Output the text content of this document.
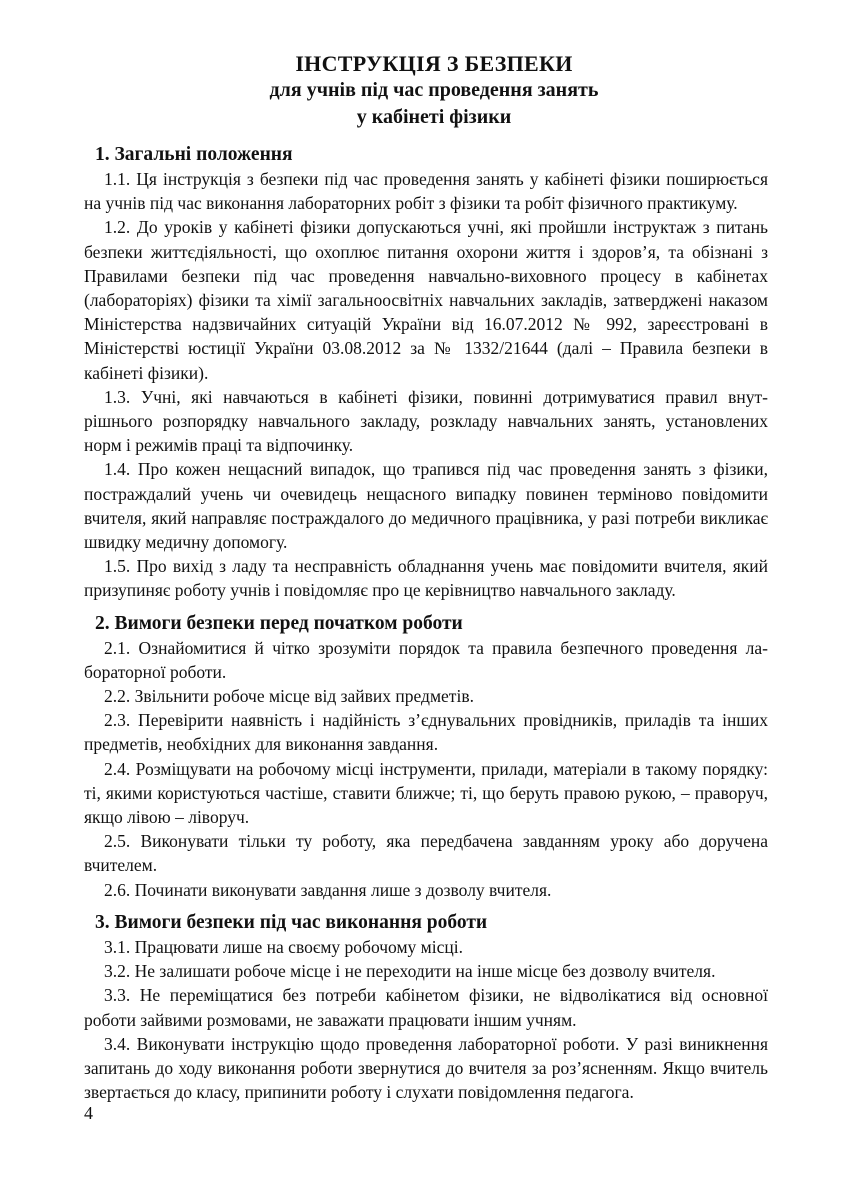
ІНСТРУКЦІЯ З БЕЗПЕКИ
для учнів під час проведення занять
у кабінеті фізики
1. Загальні положення

1.1. Ця інструкція з безпеки під час проведення занять у кабінеті фізики поширюється на учнів під час виконання лабораторних робіт з фізики та робіт фізичного практикуму.

1.2. До уроків у кабінеті фізики допускаються учні, які пройшли інструктаж з питань безпеки життєдіяльності, що охоплює питання охорони життя і здоров’я, та обізнані з Правилами безпеки під час проведення навчально-виховного процесу в кабінетах (лабораторіях) фізики та хімії загальноосвітніх навчальних закладів, затверджені наказом Міністерства надзвичайних ситуацій України від 16.07.2012 № 992, зареєстровані в Міністерстві юстиції України 03.08.2012 за № 1332/21644 (далі – Правила безпеки в кабінеті фізики).

1.3. Учні, які навчаються в кабінеті фізики, повинні дотримуватися правил внутрішнього розпорядку навчального закладу, розкладу навчальних занять, установлених норм і режимів праці та відпочинку.

1.4. Про кожен нещасний випадок, що трапився під час проведення занять з фізики, постраждалий учень чи очевидець нещасного випадку повинен терміново повідомити вчителя, який направляє постраждалого до медичного працівника, у разі потреби викликає швидку медичну допомогу.

1.5. Про вихід з ладу та несправність обладнання учень має повідомити вчителя, який призупиняє роботу учнів і повідомляє про це керівництво навчального закладу.

2. Вимоги безпеки перед початком роботи

2.1. Ознайомитися й чітко зрозуміти порядок та правила безпечного проведення лабораторної роботи.

2.2. Звільнити робоче місце від зайвих предметів.

2.3. Перевірити наявність і надійність з’єднувальних провідників, приладів та інших предметів, необхідних для виконання завдання.

2.4. Розміщувати на робочому місці інструменти, прилади, матеріали в такому порядку: ті, якими користуються частіше, ставити ближче; ті, що беруть правою рукою, – праворуч, якщо лівою – ліворуч.

2.5. Виконувати тільки ту роботу, яка передбачена завданням уроку або доручена вчителем.

2.6. Починати виконувати завдання лише з дозволу вчителя.

3. Вимоги безпеки під час виконання роботи

3.1. Працювати лише на своєму робочому місці.

3.2. Не залишати робоче місце і не переходити на інше місце без дозволу вчителя.

3.3. Не переміщатися без потреби кабінетом фізики, не відволікатися від основної роботи зайвими розмовами, не заважати працювати іншим учням.

3.4. Виконувати інструкцію щодо проведення лабораторної роботи. У разі виникнення запитань до ходу виконання роботи звернутися до вчителя за роз’ясненням. Якщо вчитель звертається до класу, припинити роботу і слухати повідомлення педагога.

4
